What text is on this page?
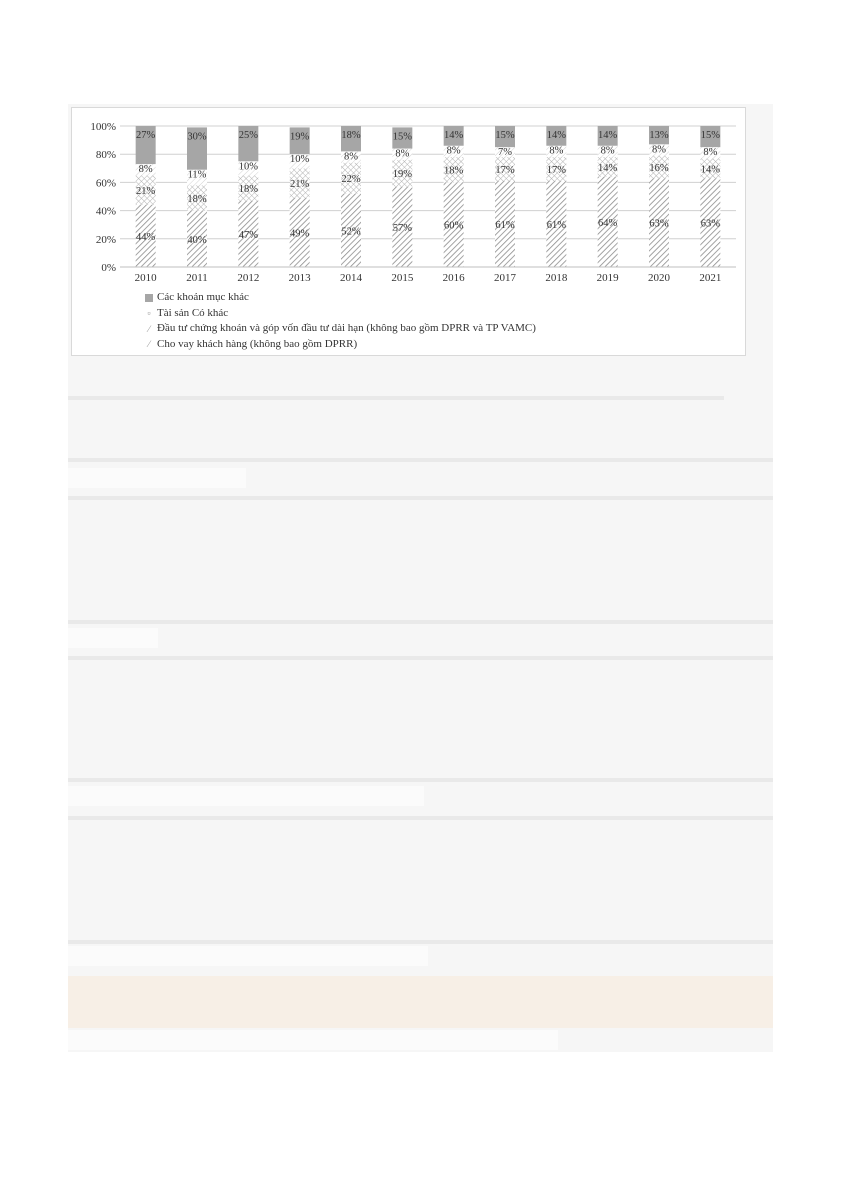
0%
20%
40%
60%
80%
100%
44%
21%
8%
27%
40%
18%
11%
30%
47%
18%
10%
25%
49%
21%
10%
19%
52%
22%
8%
18%
57%
19%
8%
15%
60%
18%
8%
14%
61%
17%
7%
15%
61%
17%
8%
14%
64%
14%
8%
14%
63%
16%
8%
13%
63%
14%
8%
15%
2010	2011	2012	2013	2014	2015	2016	2017	2018	2019	2020	2021
Các khoản mục khác
▫ Tài sản Có khác
⁄ Đầu tư chứng khoán và góp vốn đầu tư dài hạn (không bao gồm DPRR và TP VAMC)
⁄ Cho vay khách hàng (không bao gồm DPRR)
